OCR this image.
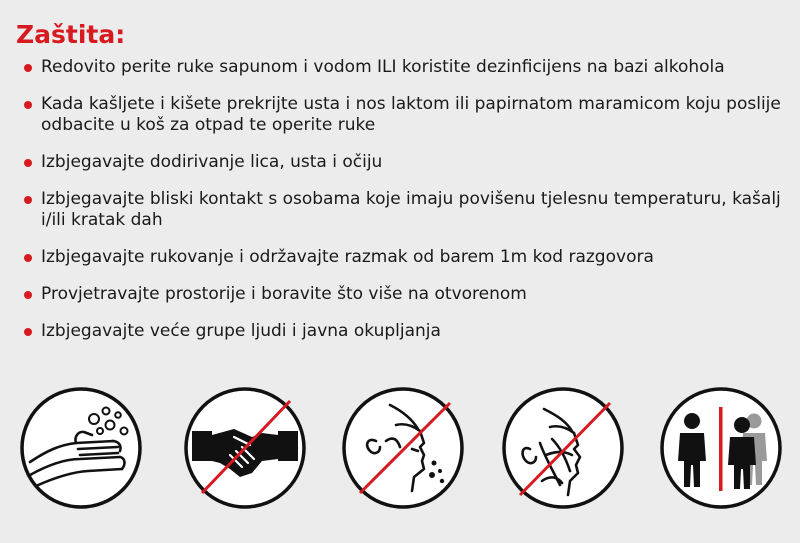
Zaštita:
Redovito perite ruke sapunom i vodom ILI koristite dezinficijens na bazi alkohola
Kada kašljete i kišete prekrijte usta i nos laktom ili papirnatom maramicom koju poslije odbacite u koš za otpad te operite ruke
Izbjegavajte dodirivanje lica, usta i očiju
Izbjegavajte bliski kontakt s osobama koje imaju povišenu tjelesnu temperaturu, kašalj i/ili kratak dah
Izbjegavajte rukovanje i održavajte razmak od barem 1m kod razgovora
Provjetravajte prostorije i boravite što više na otvorenom
Izbjegavajte veće grupe ljudi i javna okupljanja
